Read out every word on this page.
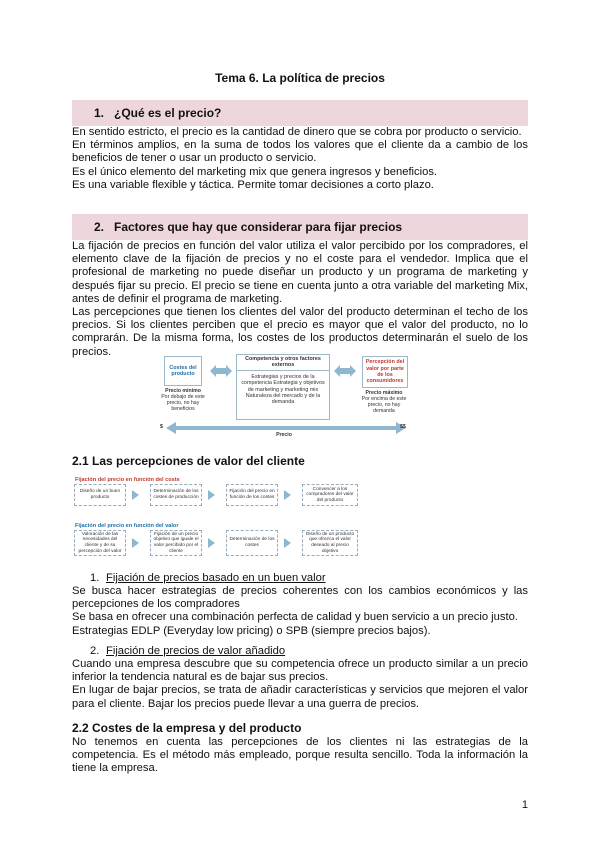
Tema 6. La política de precios
1. ¿Qué es el precio?

En sentido estricto, el precio es la cantidad de dinero que se cobra por producto o servicio.

En términos amplios, en la suma de todos los valores que el cliente da a cambio de los beneficios de tener o usar un producto o servicio.

Es el único elemento del marketing mix que genera ingresos y beneficios.

Es una variable flexible y táctica. Permite tomar decisiones a corto plazo.

2. Factores que hay que considerar para fijar precios

La fijación de precios en función del valor utiliza el valor percibido por los compradores, el elemento clave de la fijación de precios y no el coste para el vendedor. Implica que el profesional de marketing no puede diseñar un producto y un programa de marketing y después fijar su precio. El precio se tiene en cuenta junto a otra variable del marketing Mix, antes de definir el programa de marketing.

Las percepciones que tienen los clientes del valor del producto determinan el techo de los precios. Si los clientes perciben que el precio es mayor que el valor del producto, no lo comprarán. De la misma forma, los costes de los productos determinarán el suelo de los precios.

Costes del producto
Precio mínimo
Por debajo de este precio, no hay beneficios
Competencia y otros factores externos
Estrategias y precios de la competencia Estrategia y objetivos de marketing y marketing mix Naturaleza del mercado y de la demanda
Percepción del valor por parte de los consumidores
Precio máximo
Por encima de este precio, no hay demanda
$	$$
Precio
2.1 Las percepciones de valor del cliente
Fijación del precio en función del coste
Diseño de un buen producto
Determinación de los costes de producción
Fijación del precio en función de los costes
Convencer a los compradores del valor del producto
Fijación del precio en función del valor
Valoración de las necesidades del cliente y de su percepción del valor
Fijación de un precio objetivo que iguale el valor percibido por el cliente
Determinación de los costes
Diseño de un producto que ofrezca el valor deseado al precio objetivo
1. Fijación de precios basado en un buen valor

Se busca hacer estrategias de precios coherentes con los cambios económicos y las percepciones de los compradores

Se basa en ofrecer una combinación perfecta de calidad y buen servicio a un precio justo.

Estrategias EDLP (Everyday low pricing) o SPB (siempre precios bajos).

2. Fijación de precios de valor añadido

Cuando una empresa descubre que su competencia ofrece un producto similar a un precio inferior la tendencia natural es de bajar sus precios.

En lugar de bajar precios, se trata de añadir características y servicios que mejoren el valor para el cliente. Bajar los precios puede llevar a una guerra de precios.

2.2 Costes de la empresa y del producto

No tenemos en cuenta las percepciones de los clientes ni las estrategias de la competencia. Es el método más empleado, porque resulta sencillo. Toda la información la tiene la empresa.

1
